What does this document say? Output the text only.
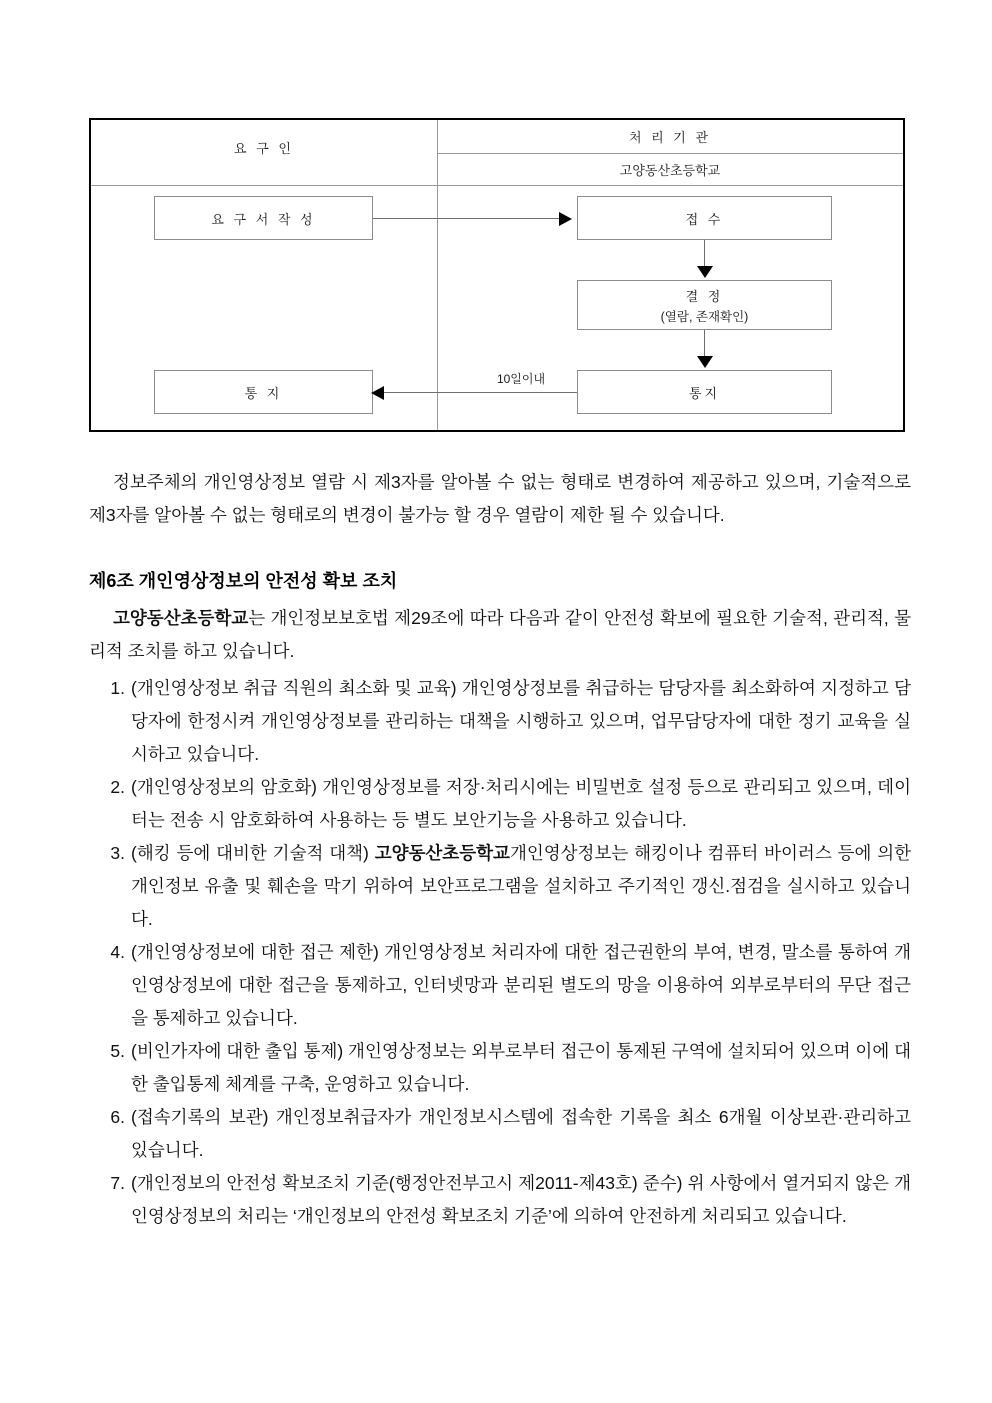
요 구 인
처 리 기 관
고양동산초등학교
요 구 서 작 성	접 수
결 정
(열람, 존재확인)
통지
통 지
10일이내

정보주체의 개인영상정보 열람 시 제3자를 알아볼 수 없는 형태로 변경하여 제공하고 있으며, 기술적으로 제3자를 알아볼 수 없는 형태로의 변경이 불가능 할 경우 열람이 제한 될 수 있습니다.

제6조 개인영상정보의 안전성 확보 조치

고양동산초등학교는 개인정보보호법 제29조에 따라 다음과 같이 안전성 확보에 필요한 기술적, 관리적, 물리적 조치를 하고 있습니다.

(개인영상정보 취급 직원의 최소화 및 교육) 개인영상정보를 취급하는 담당자를 최소화하여 지정하고 담당자에 한정시켜 개인영상정보를 관리하는 대책을 시행하고 있으며, 업무담당자에 대한 정기 교육을 실시하고 있습니다.
(개인영상정보의 암호화) 개인영상정보를 저장·처리시에는 비밀번호 설정 등으로 관리되고 있으며, 데이터는 전송 시 암호화하여 사용하는 등 별도 보안기능을 사용하고 있습니다.
(해킹 등에 대비한 기술적 대책) 고양동산초등학교개인영상정보는 해킹이나 컴퓨터 바이러스 등에 의한 개인정보 유출 및 훼손을 막기 위하여 보안프로그램을 설치하고 주기적인 갱신.점검을 실시하고 있습니다.
(개인영상정보에 대한 접근 제한) 개인영상정보 처리자에 대한 접근권한의 부여, 변경, 말소를 통하여 개인영상정보에 대한 접근을 통제하고, 인터넷망과 분리된 별도의 망을 이용하여 외부로부터의 무단 접근을 통제하고 있습니다.
(비인가자에 대한 출입 통제) 개인영상정보는 외부로부터 접근이 통제된 구역에 설치되어 있으며 이에 대한 출입통제 체계를 구축, 운영하고 있습니다.
(접속기록의 보관) 개인정보취급자가 개인정보시스템에 접속한 기록을 최소 6개월 이상보관·관리하고 있습니다.
(개인정보의 안전성 확보조치 기준(행정안전부고시 제2011-제43호) 준수) 위 사항에서 열거되지 않은 개인영상정보의 처리는 ‘개인정보의 안전성 확보조치 기준’에 의하여 안전하게 처리되고 있습니다.
